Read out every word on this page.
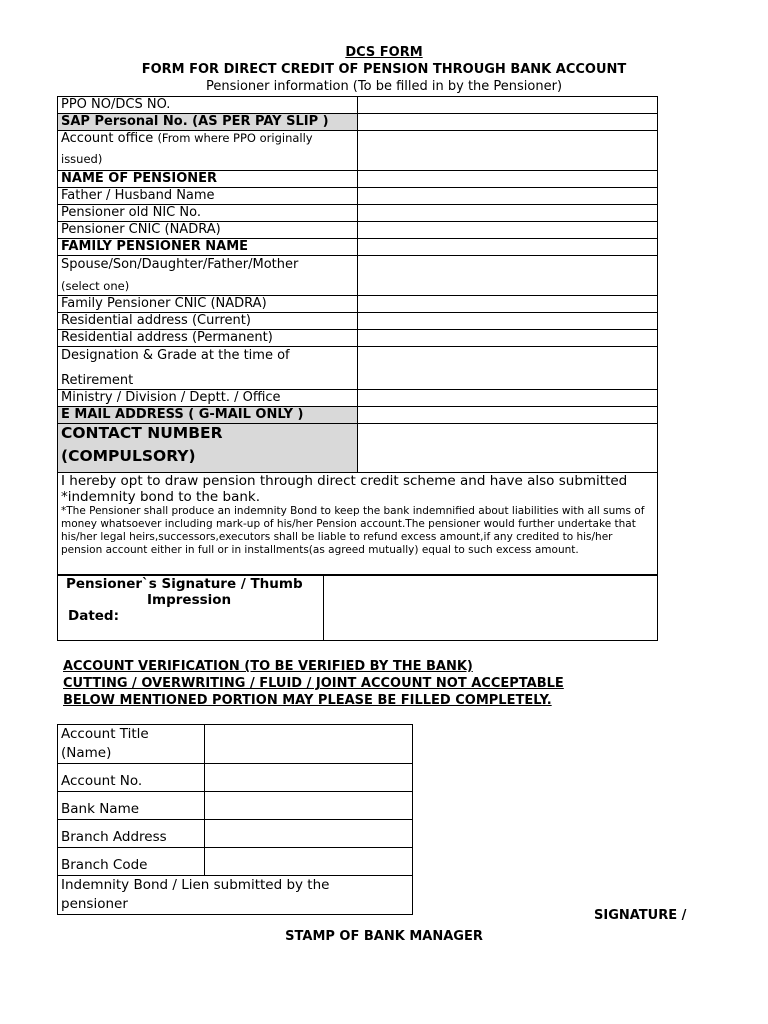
DCS FORM
FORM FOR DIRECT CREDIT OF PENSION THROUGH BANK ACCOUNT
Pensioner information (To be filled in by the Pensioner)
PPO NO/DCS NO.	
SAP Personal No. (AS PER PAY SLIP )	
Account office (From where PPO originally
issued)	

NAME OF PENSIONER	
Father / Husband Name	
Pensioner old NIC No.	
Pensioner CNIC (NADRA)	
FAMILY PENSIONER NAME	

Spouse/Son/Daughter/Father/Mother
(select one)	

Family Pensioner CNIC (NADRA)	
Residential address (Current)	
Residential address (Permanent)	

Designation & Grade at the time of
Retirement	

Ministry / Division / Deptt. / Office	
E MAIL ADDRESS ( G-MAIL ONLY )	

CONTACT NUMBER
(COMPULSORY)	

I hereby opt to draw pension through direct credit scheme and have also submitted
*indemnity bond to the bank.
*The Pensioner shall produce an indemnity Bond to keep the bank indemnified about liabilities with all sums of money whatsoever including mark-up of his/her Pension account.The pensioner would further undertake that his/her legal heirs,successors,executors shall be liable to refund excess amount,if any credited to his/her pension account either in full or in installments(as agreed mutually) equal to such excess amount.	
Pensioner`s Signature / Thumb
Impression
Dated:

ACCOUNT VERIFICATION (TO BE VERIFIED BY THE BANK)
CUTTING / OVERWRITING / FLUID / JOINT ACCOUNT NOT ACCEPTABLE
BELOW MENTIONED PORTION MAY PLEASE BE FILLED COMPLETELY.
Account Title
(Name)	

Account No.	
Bank Name	
Branch Address	
Branch Code	

Indemnity Bond / Lien submitted by the
pensioner	
SIGNATURE /
STAMP OF BANK MANAGER
